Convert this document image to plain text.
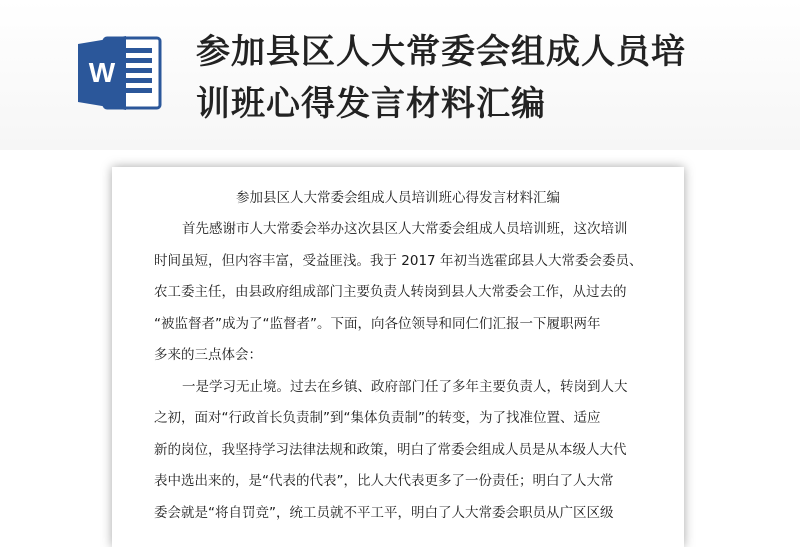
W
参加县区人大常委会组成人员培
训班心得发言材料汇编
参加县区人大常委会组成人员培训班心得发言材料汇编
首先感谢市人大常委会举办这次县区人大常委会组成人员培训班，这次培训
时间虽短，但内容丰富，受益匪浅。我于 2017 年初当选霍邱县人大常委会委员、
农工委主任，由县政府组成部门主要负责人转岗到县人大常委会工作，从过去的
“被监督者”成为了“监督者”。下面，向各位领导和同仁们汇报一下履职两年
多来的三点体会：
一是学习无止境。过去在乡镇、政府部门任了多年主要负责人，转岗到人大
之初，面对“行政首长负责制”到“集体负责制”的转变，为了找准位置、适应
新的岗位，我坚持学习法律法规和政策，明白了常委会组成人员是从本级人大代
表中选出来的，是“代表的代表”，比人大代表更多了一份责任；明白了人大常
委会就是“将自罚竞”，统工员就不平工平，明白了人大常委会职员从广区区级
